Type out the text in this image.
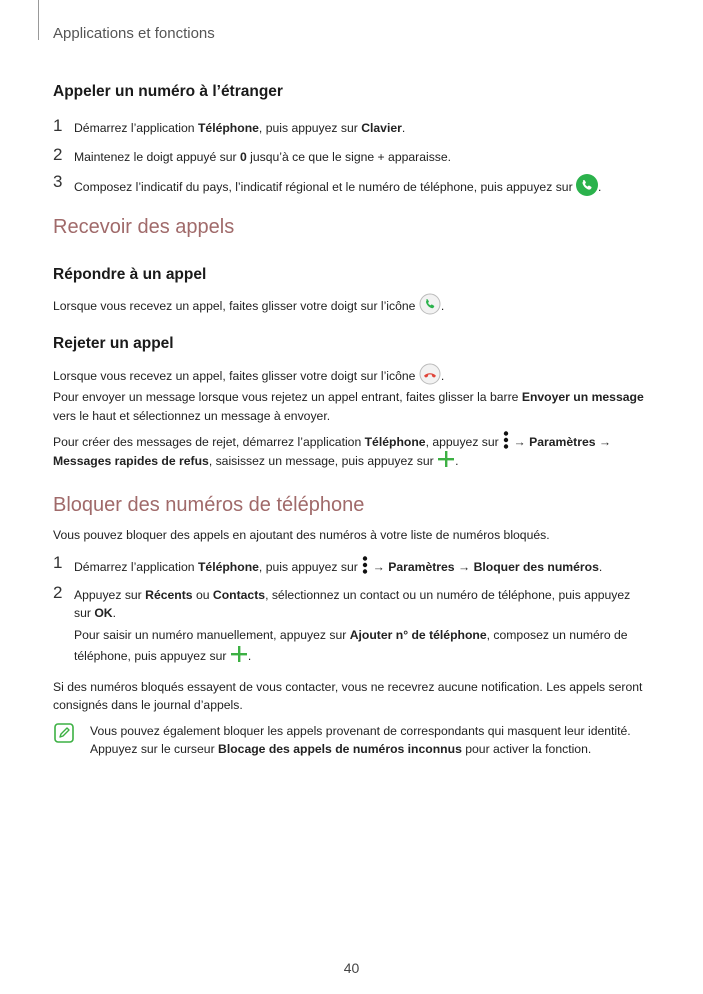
Applications et fonctions
Appeler un numéro à l’étranger
1 Démarrez l’application Téléphone, puis appuyez sur Clavier.
2 Maintenez le doigt appuyé sur 0 jusqu’à ce que le signe + apparaisse.
3 Composez l’indicatif du pays, l’indicatif régional et le numéro de téléphone, puis appuyez sur .
Recevoir des appels
Répondre à un appel
Lorsque vous recevez un appel, faites glisser votre doigt sur l’icône .
Rejeter un appel
Lorsque vous recevez un appel, faites glisser votre doigt sur l’icône .
Pour envoyer un message lorsque vous rejetez un appel entrant, faites glisser la barre Envoyer un message
vers le haut et sélectionnez un message à envoyer.
Pour créer des messages de rejet, démarrez l’application Téléphone, appuyez sur  → Paramètres →
Messages rapides de refus, saisissez un message, puis appuyez sur .
Bloquer des numéros de téléphone
Vous pouvez bloquer des appels en ajoutant des numéros à votre liste de numéros bloqués.
1 Démarrez l’application Téléphone, puis appuyez sur  → Paramètres → Bloquer des numéros.
2 Appuyez sur Récents ou Contacts, sélectionnez un contact ou un numéro de téléphone, puis appuyez
sur OK.
Pour saisir un numéro manuellement, appuyez sur Ajouter n° de téléphone, composez un numéro de
téléphone, puis appuyez sur .
Si des numéros bloqués essayent de vous contacter, vous ne recevrez aucune notification. Les appels seront
consignés dans le journal d’appels.
Vous pouvez également bloquer les appels provenant de correspondants qui masquent leur identité.
Appuyez sur le curseur Blocage des appels de numéros inconnus pour activer la fonction.
40
